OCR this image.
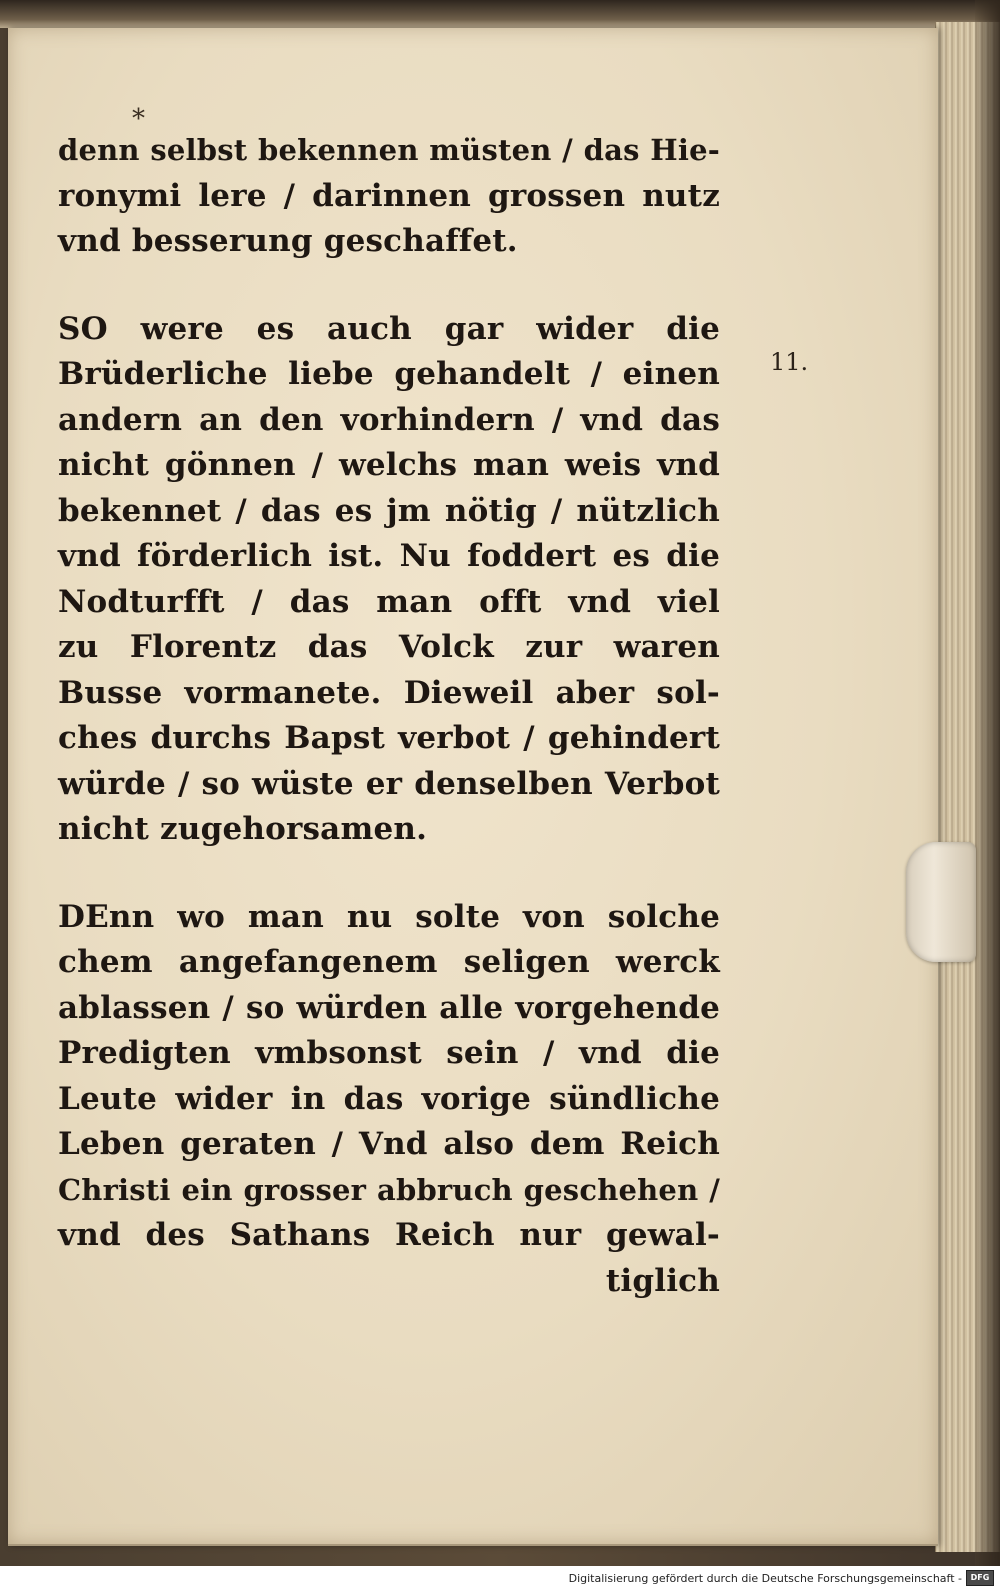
*
11.

denn selbst bekennen müsten / das Hie-
ronymi lere / darinnen grossen nutz
vnd besserung geschaffet.

SO were es auch gar wider die
Brüderliche liebe gehandelt / einen
andern an den vorhindern / vnd das
nicht gönnen / welchs man weis vnd
bekennet / das es jm nötig / nützlich
vnd förderlich ist. Nu foddert es die
Nodturfft / das man offt vnd viel
zu Florentz das Volck zur waren
Busse vormanete. Dieweil aber sol-
ches durchs Bapst verbot / gehindert
würde / so wüste er denselben Verbot
nicht zugehorsamen.

DEnn wo man nu solte von solche
chem angefangenem seligen werck
ablassen / so würden alle vorgehende
Predigten vmbsonst sein / vnd die
Leute wider in das vorige sündliche
Leben geraten / Vnd also dem Reich
Christi ein grosser abbruch geschehen /
vnd des Sathans Reich nur gewal-
tiglich

Digitalisierung gefördert durch die Deutsche Forschungsgemeinschaft -	DFG
